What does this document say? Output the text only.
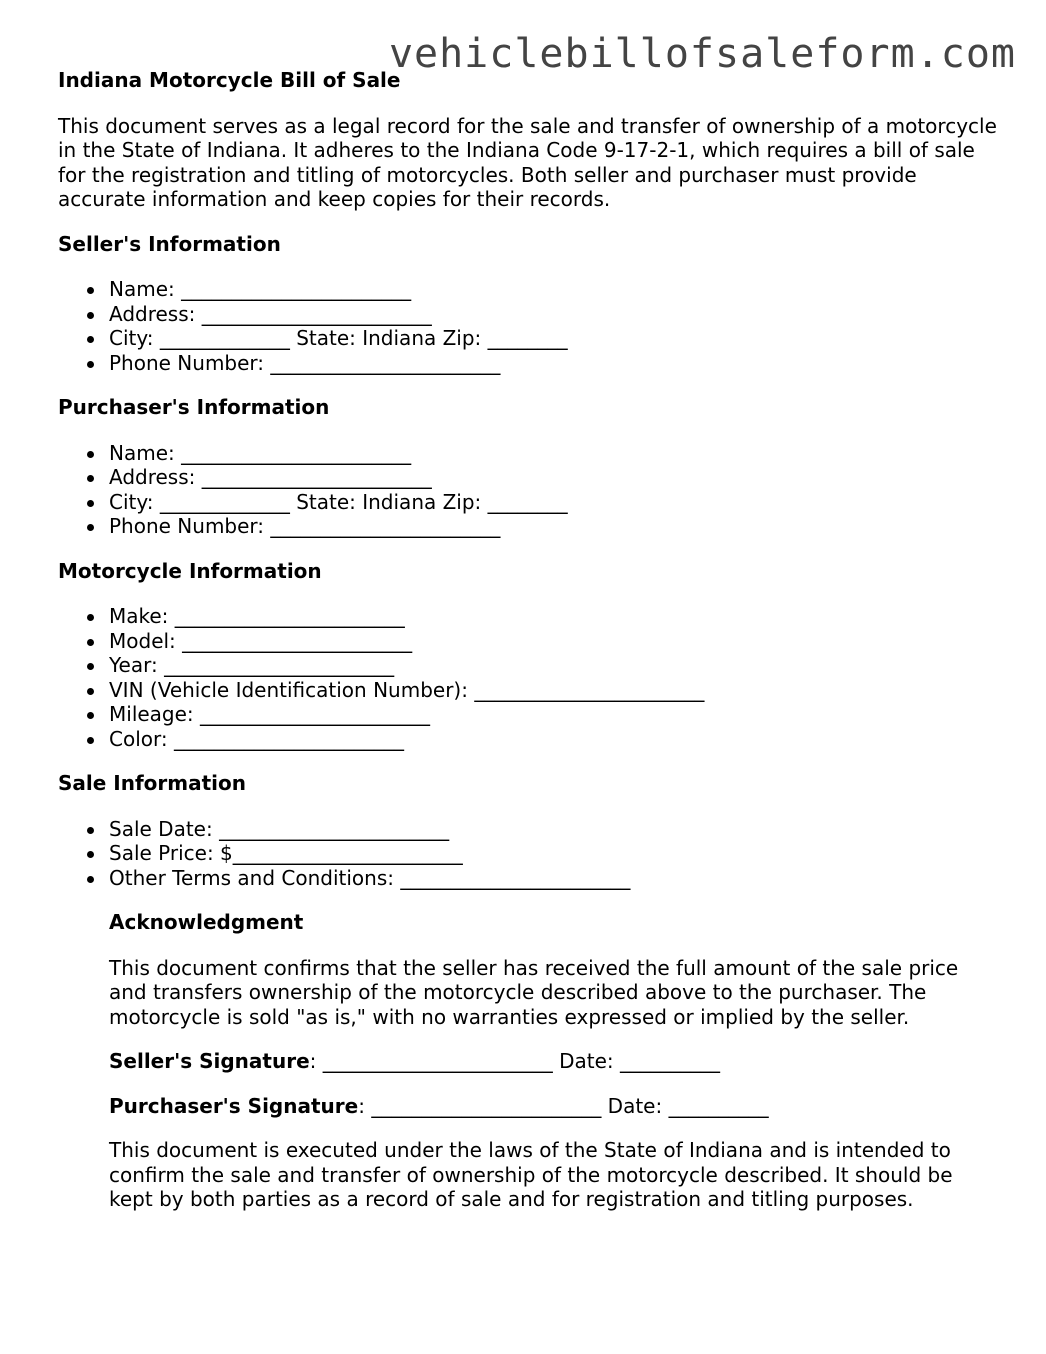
vehiclebillofsaleform.com
Indiana Motorcycle Bill of Sale

This document serves as a legal record for the sale and transfer of ownership of a motorcycle in the State of Indiana. It adheres to the Indiana Code 9-17-2-1, which requires a bill of sale for the registration and titling of motorcycles. Both seller and purchaser must provide accurate information and keep copies for their records.

Seller's Information
Name: _______________________
Address: _______________________
City: _____________ State: Indiana Zip: ________
Phone Number: _______________________
Purchaser's Information
Name: _______________________
Address: _______________________
City: _____________ State: Indiana Zip: ________
Phone Number: _______________________
Motorcycle Information
Make: _______________________
Model: _______________________
Year: _______________________
VIN (Vehicle Identification Number): _______________________
Mileage: _______________________
Color: _______________________
Sale Information
Sale Date: _______________________
Sale Price: $_______________________
Other Terms and Conditions: _______________________
Acknowledgment

This document confirms that the seller has received the full amount of the sale price and transfers ownership of the motorcycle described above to the purchaser. The motorcycle is sold "as is," with no warranties expressed or implied by the seller.

Seller's Signature: _______________________ Date: __________

Purchaser's Signature: _______________________ Date: __________

This document is executed under the laws of the State of Indiana and is intended to confirm the sale and transfer of ownership of the motorcycle described. It should be kept by both parties as a record of sale and for registration and titling purposes.
